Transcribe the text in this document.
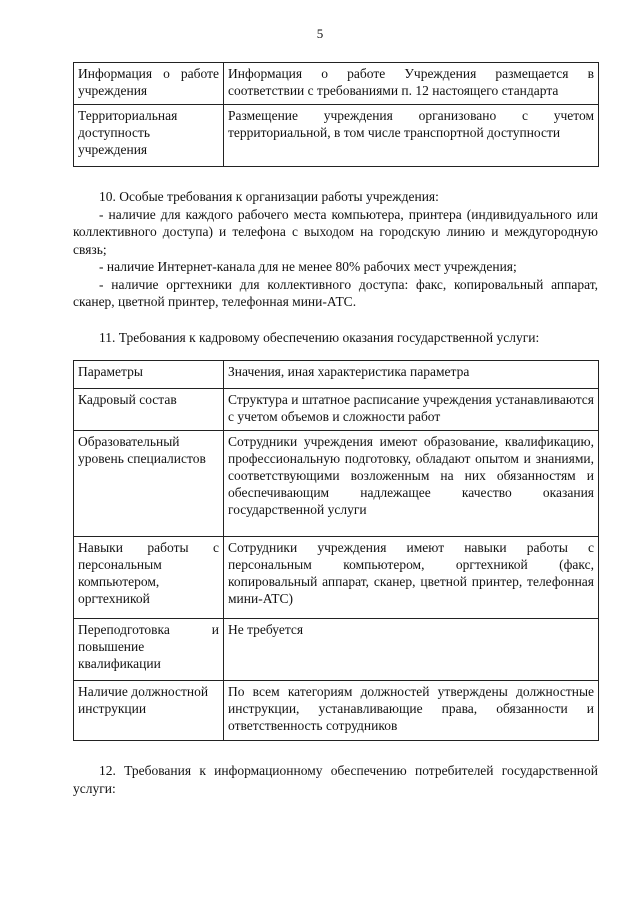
5
Информация о работе учреждения	Информация о работе Учреждения размещается в соответствии с требованиями п. 12 настоящего стандарта
Территориальная доступность учреждения	Размещение учреждения организовано с учетом территориальной, в том числе транспортной доступности

10. Особые требования к организации работы учреждения:

- наличие для каждого рабочего места компьютера, принтера (индивидуального или коллективного доступа) и телефона с выходом на городскую линию и междугородную связь;

- наличие Интернет-канала для не менее 80% рабочих мест учреждения;

- наличие оргтехники для коллективного доступа: факс, копировальный аппарат, сканер, цветной принтер, телефонная мини-АТС.

11. Требования к кадровому обеспечению оказания государственной услуги:

Параметры	Значения, иная характеристика параметра
Кадровый состав	Структура и штатное расписание учреждения устанавливаются с учетом объемов и сложности работ
Образовательный уровень специалистов	Сотрудники учреждения имеют образование, квалификацию, профессиональную подготовку, обладают опытом и знаниями, соответствующими возложенным на них обязанностям и обеспечивающим надлежащее качество оказания государственной услуги
Навыки работы с персональным компьютером, оргтехникой	Сотрудники учреждения имеют навыки работы с персональным компьютером, оргтехникой (факс, копировальный аппарат, сканер, цветной принтер, телефонная мини-АТС)
Переподготовка и повышение квалификации	Не требуется
Наличие должностной инструкции	По всем категориям должностей утверждены должностные инструкции, устанавливающие права, обязанности и ответственность сотрудников

12. Требования к информационному обеспечению потребителей государственной услуги:
